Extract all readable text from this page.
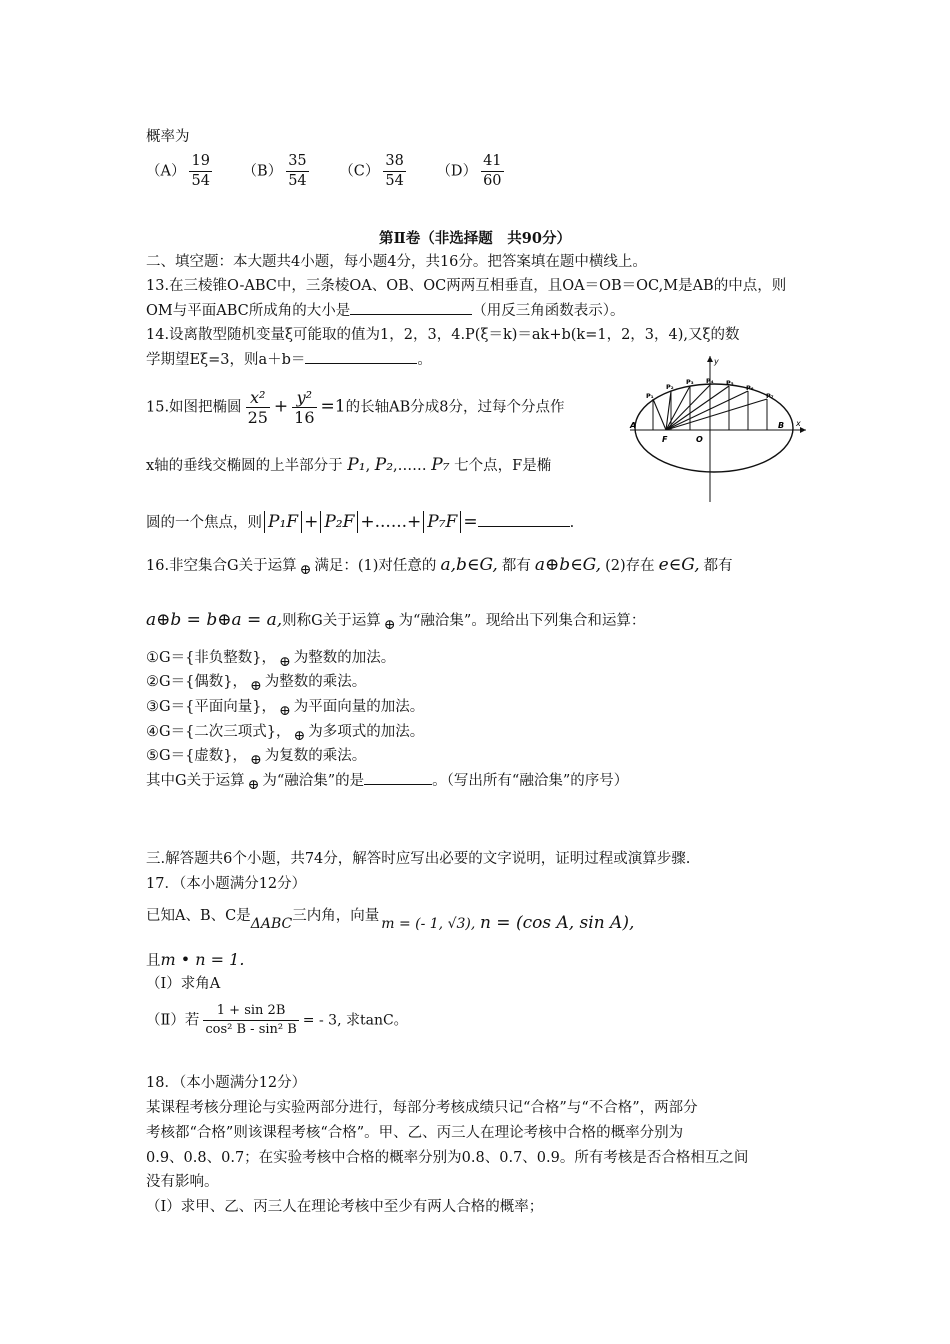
概率为
$(A) \frac{19}{54} (B) \frac{35}{54} (C) \frac{38}{54} (D) \frac{41}{60}$
第Ⅱ卷（非选择题　共90分）
二、填空题：本大题共4小题，每小题4分，共16分。把答案填在题中横线上。
13.在三棱锥O-ABC中，三条棱OA、OB、OC两两互相垂直，且OA＝OB＝OC,M是AB的中点，则
OM与平面ABC所成角的大小是	（用反三角函数表示）。
14.设离散型随机变量ξ可能取的值为1，2，3，4.P(ξ＝k)＝ak+b(k=1，2，3，4),又ξ的数
学期望Eξ=3，则a＋b＝	。
15.如图把椭圆 $\frac{\text{x²}}{25} + \frac{\text{y²}}{16} =1$的长轴AB分成8分，过每个分点作
x轴的垂线交椭圆的上半部分于 P₁, P₂,…… P₇ 七个点，F是椭
圆的一个焦点，则 P₁F + P₂F +......+ P₇F =	.
y
x
A	B
F	O
P₁
P₂
P₃ P₄ P₅
P₆
P₇
16.非空集合G关于运算 ⊕ 满足：(1)对任意的 a,b∈G, 都有 a⊕b∈G, (2)存在 e∈G, 都有
a⊕b = b⊕a = a,则称G关于运算 ⊕ 为“融洽集”。现给出下列集合和运算：
①G＝{非负整数}， ⊕ 为整数的加法。
②G＝{偶数}， ⊕ 为整数的乘法。
③G＝{平面向量}， ⊕ 为平面向量的加法。
④G＝{二次三项式}， ⊕ 为多项式的加法。
⑤G＝{虚数}， ⊕ 为复数的乘法。
其中G关于运算 ⊕ 为“融洽集”的是	。（写出所有“融洽集”的序号）
三.解答题共6个小题，共74分，解答时应写出必要的文字说明，证明过程或演算步骤.
17．（本小题满分12分）
已知A、B、C是ΔABC三内角，向量 m = (- 1, √3), n = (cos A, sin A),
且m • n = 1.
（Ⅰ）求角A
（Ⅱ）若 $\frac{1 + \sin 2B}{\text{cos² B - sin² B}}$ = - 3, 求tanC。
18．（本小题满分12分）
某课程考核分理论与实验两部分进行，每部分考核成绩只记“合格”与“不合格”，两部分
考核都“合格”则该课程考核“合格”。甲、乙、丙三人在理论考核中合格的概率分别为
0.9、0.8、0.7；在实验考核中合格的概率分别为0.8、0.7、0.9。所有考核是否合格相互之间
没有影响。
（Ⅰ）求甲、乙、丙三人在理论考核中至少有两人合格的概率；
